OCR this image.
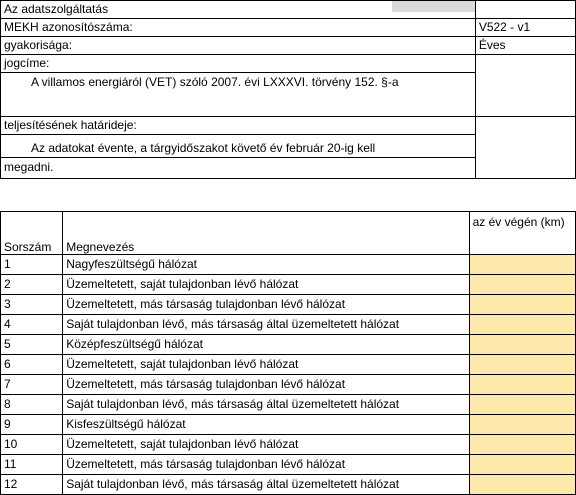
Az adatszolgáltatás	
MEKH azonosítószáma:	V522 - v1
gyakorisága:	Éves
jogcíme:	
A villamos energiáról (VET) szóló 2007. évi LXXXVI. törvény 152. §-a	
teljesítésének határideje:	
Az adatokat évente, a tárgyidőszakot követő év február 20-ig kell	
megadni.	
Sorszám	Megnevezés	az év végén (km)
1	Nagyfeszültségű hálózat	
2	Üzemeltetett, saját tulajdonban lévő hálózat	
3	Üzemeltetett, más társaság tulajdonban lévő hálózat	
4	Saját tulajdonban lévő, más társaság által üzemeltetett hálózat	
5	Középfeszültségű hálózat	
6	Üzemeltetett, saját tulajdonban lévő hálózat	
7	Üzemeltetett, más társaság tulajdonban lévő hálózat	
8	Saját tulajdonban lévő, más társaság által üzemeltetett hálózat	
9	Kisfeszültségű hálózat	
10	Üzemeltetett, saját tulajdonban lévő hálózat	
11	Üzemeltetett, más társaság tulajdonban lévő hálózat	
12	Saját tulajdonban lévő, más társaság által üzemeltetett hálózat	
